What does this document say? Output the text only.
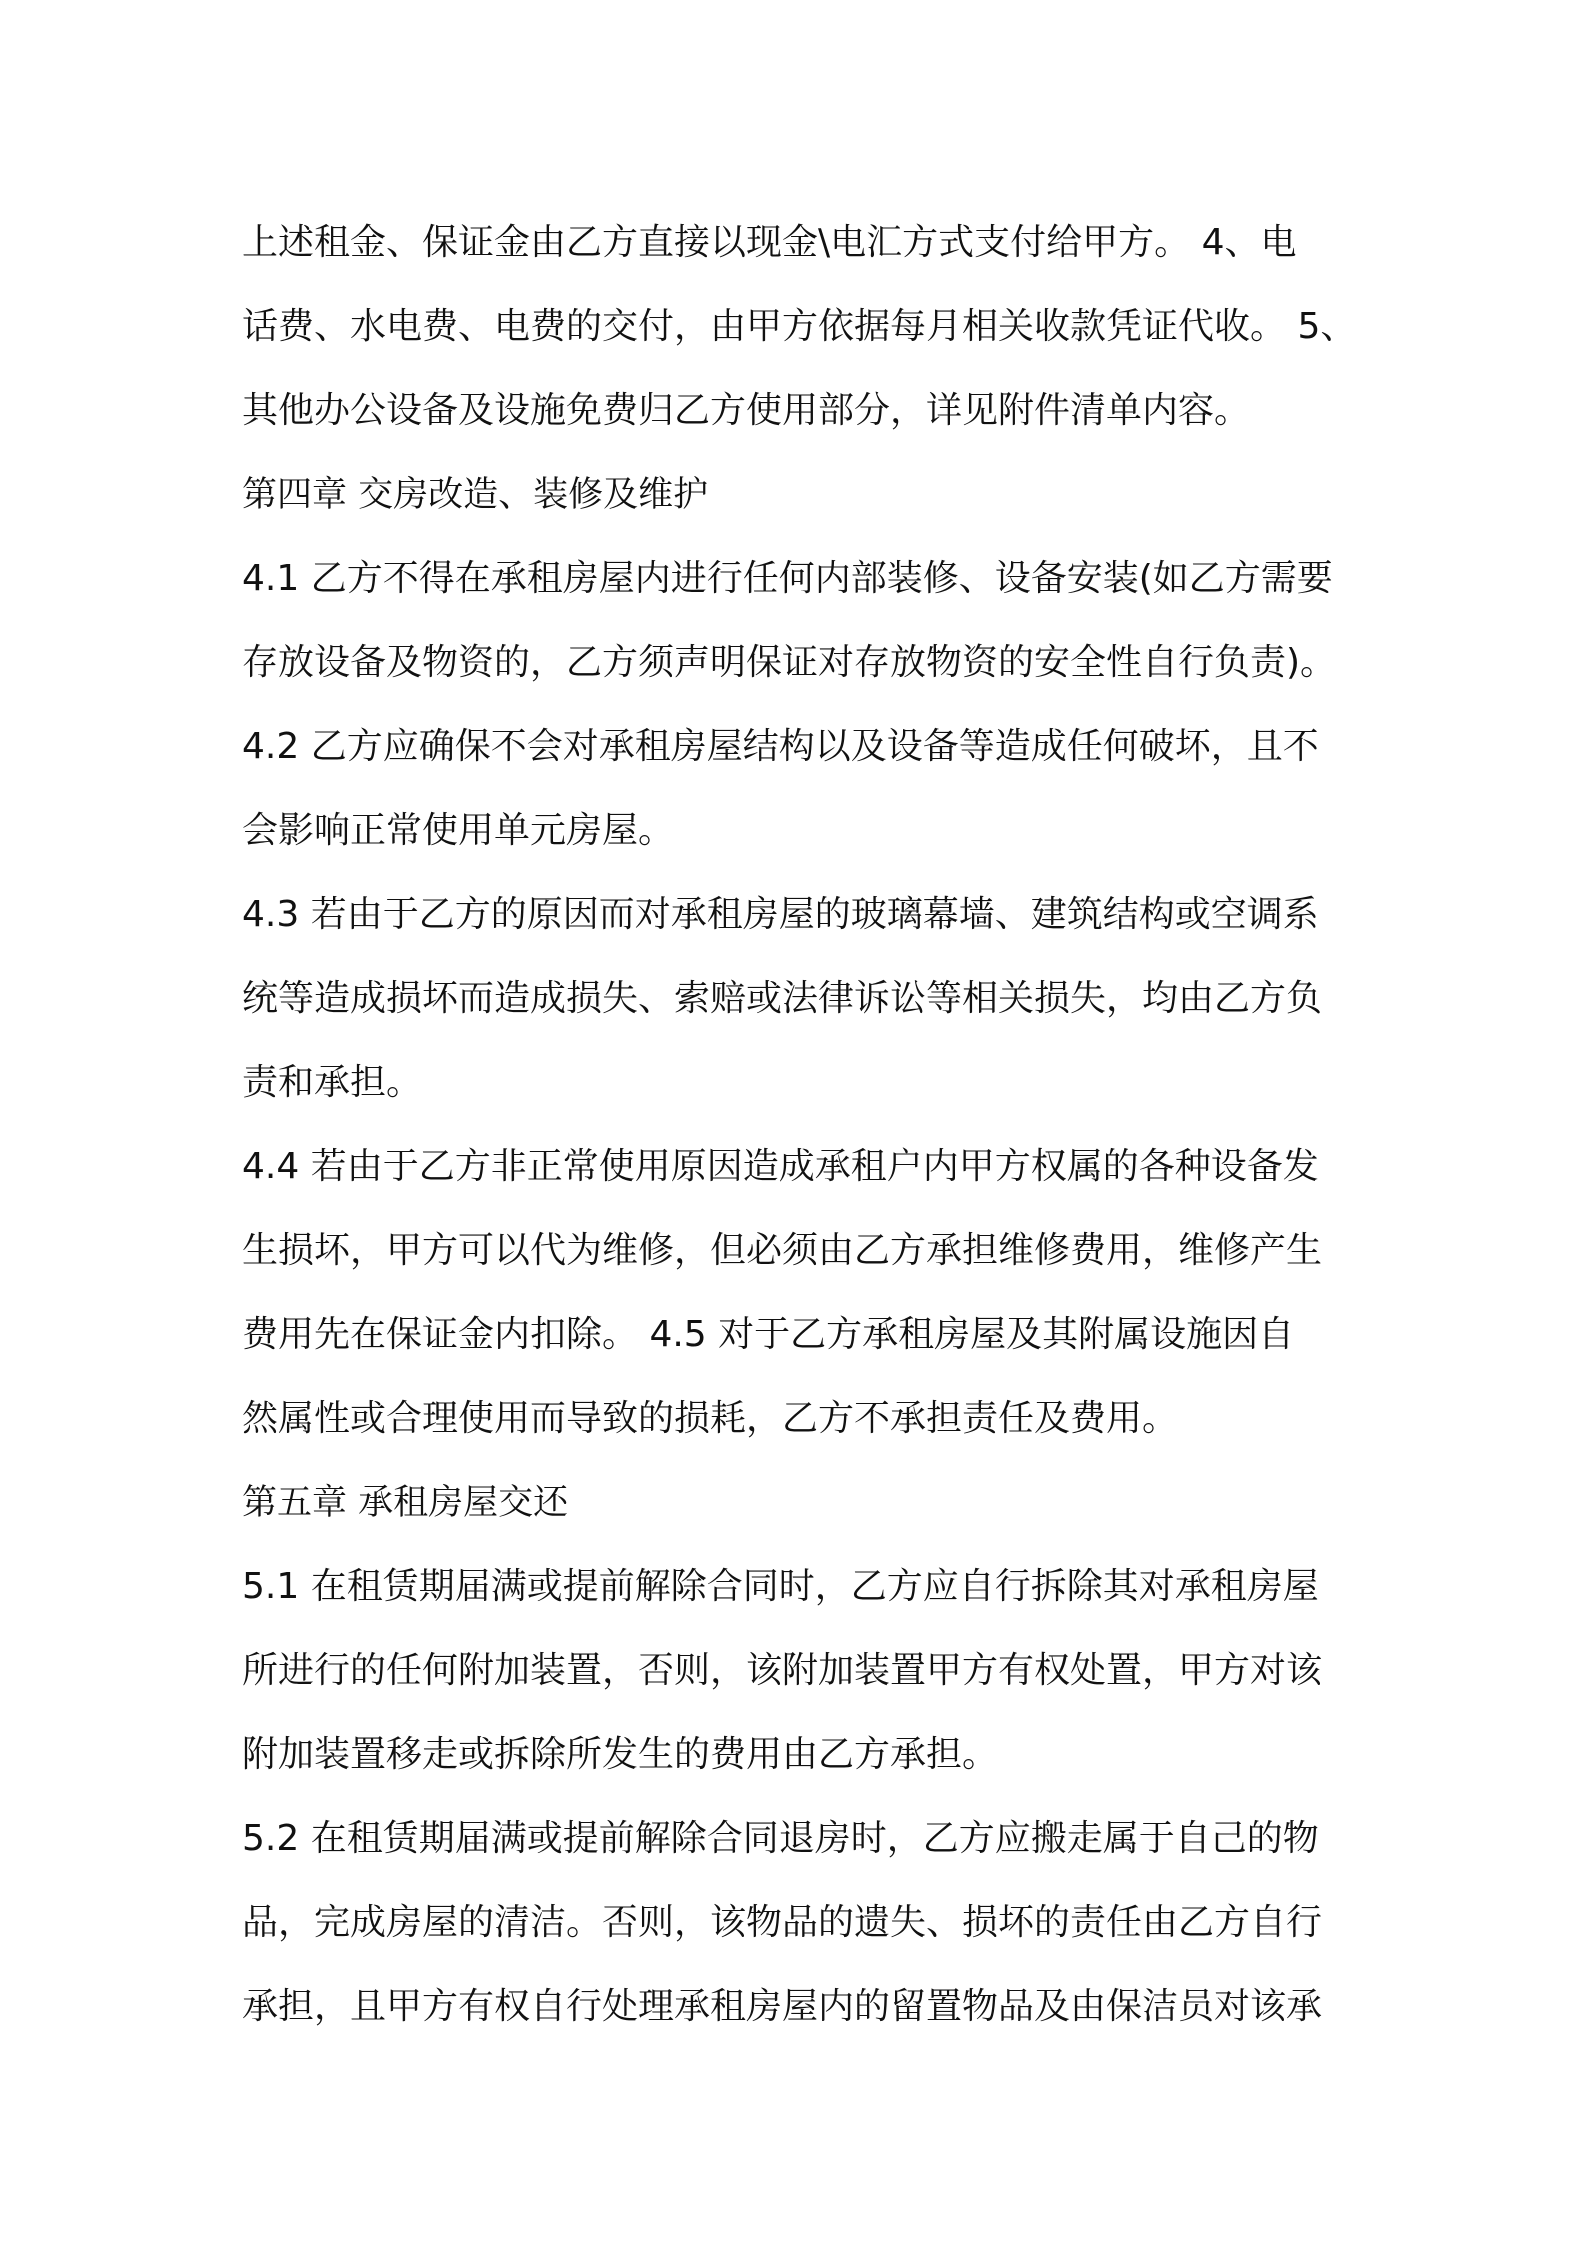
上述租金、保证金由乙方直接以现金\电汇方式支付给甲方。 4、电
话费、水电费、电费的交付，由甲方依据每月相关收款凭证代收。 5、
其他办公设备及设施免费归乙方使用部分，详见附件清单内容。
第四章 交房改造、装修及维护
4.1 乙方不得在承租房屋内进行任何内部装修、设备安装(如乙方需要
存放设备及物资的，乙方须声明保证对存放物资的安全性自行负责)。
4.2 乙方应确保不会对承租房屋结构以及设备等造成任何破坏，且不
会影响正常使用单元房屋。
4.3 若由于乙方的原因而对承租房屋的玻璃幕墙、建筑结构或空调系
统等造成损坏而造成损失、索赔或法律诉讼等相关损失，均由乙方负
责和承担。
4.4 若由于乙方非正常使用原因造成承租户内甲方权属的各种设备发
生损坏，甲方可以代为维修，但必须由乙方承担维修费用，维修产生
费用先在保证金内扣除。 4.5 对于乙方承租房屋及其附属设施因自
然属性或合理使用而导致的损耗，乙方不承担责任及费用。
第五章 承租房屋交还
5.1 在租赁期届满或提前解除合同时，乙方应自行拆除其对承租房屋
所进行的任何附加装置，否则，该附加装置甲方有权处置，甲方对该
附加装置移走或拆除所发生的费用由乙方承担。
5.2 在租赁期届满或提前解除合同退房时，乙方应搬走属于自己的物
品，完成房屋的清洁。否则，该物品的遗失、损坏的责任由乙方自行
承担，且甲方有权自行处理承租房屋内的留置物品及由保洁员对该承
